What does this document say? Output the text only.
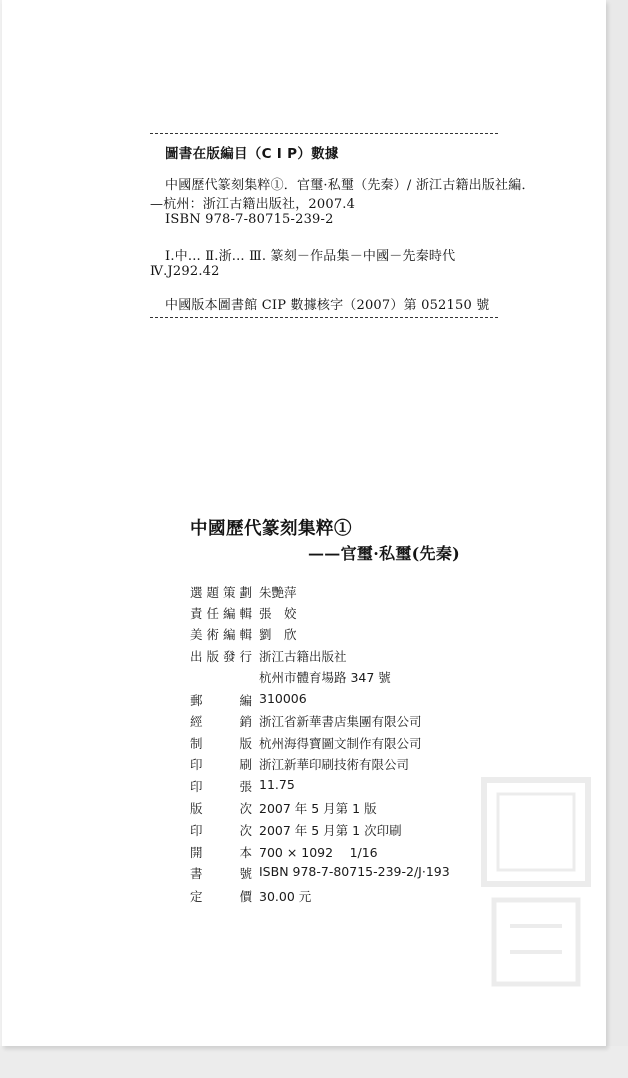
圖書在版編目（C I P）數據
中國歷代篆刻集粹①．官璽·私璽（先秦）/ 浙江古籍出版社編．
—杭州：浙江古籍出版社，2007.4
ISBN 978-7-80715-239-2
Ⅰ.中... Ⅱ.浙... Ⅲ. 篆刻－作品集－中國－先秦時代
Ⅳ.J292.42
中國版本圖書館 CIP 數據核字（2007）第 052150 號
中國歷代篆刻集粹①
——官璽·私璽(先秦)
選題策劃 朱艷萍
責任編輯 張　姣
美術編輯 劉　欣
出版發行 浙江古籍出版社
杭州市體育場路 347 號
郵編 310006
經銷 浙江省新華書店集團有限公司
制版 杭州海得寶圖文制作有限公司
印刷 浙江新華印刷技術有限公司
印張 11.75
版次 2007 年 5 月第 1 版
印次 2007 年 5 月第 1 次印刷
開本 700 × 1092　 1/16
書號 ISBN 978-7-80715-239-2/J·193
定價 30.00 元
